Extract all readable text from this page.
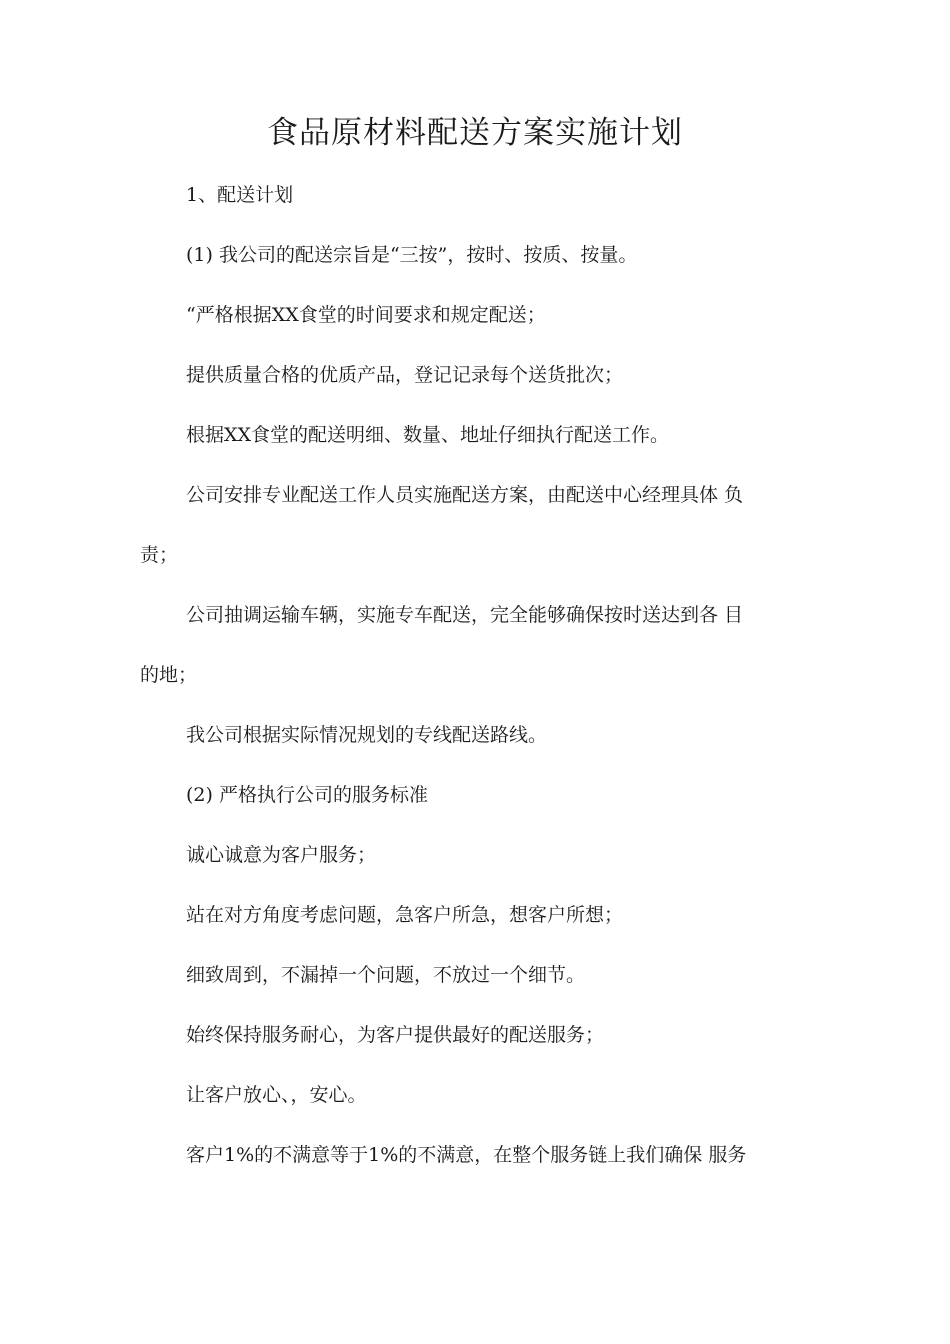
食品原材料配送方案实施计划
1、配送计划
(1) 我公司的配送宗旨是“三按”，按时、按质、按量。
“严格根据XX食堂的时间要求和规定配送；
提供质量合格的优质产品，登记记录每个送货批次；
根据XX食堂的配送明细、数量、地址仔细执行配送工作。
公司安排专业配送工作人员实施配送方案，由配送中心经理具体 负
责；
公司抽调运输车辆，实施专车配送，完全能够确保按时送达到各 目
的地；
我公司根据实际情况规划的专线配送路线。
(2) 严格执行公司的服务标准
诚心诚意为客户服务；
站在对方角度考虑问题，急客户所急，想客户所想；
细致周到，不漏掉一个问题，不放过一个细节。
始终保持服务耐心，为客户提供最好的配送服务；
让客户放心、，安心。
客户1%的不满意等于1%的不满意，在整个服务链上我们确保 服务
